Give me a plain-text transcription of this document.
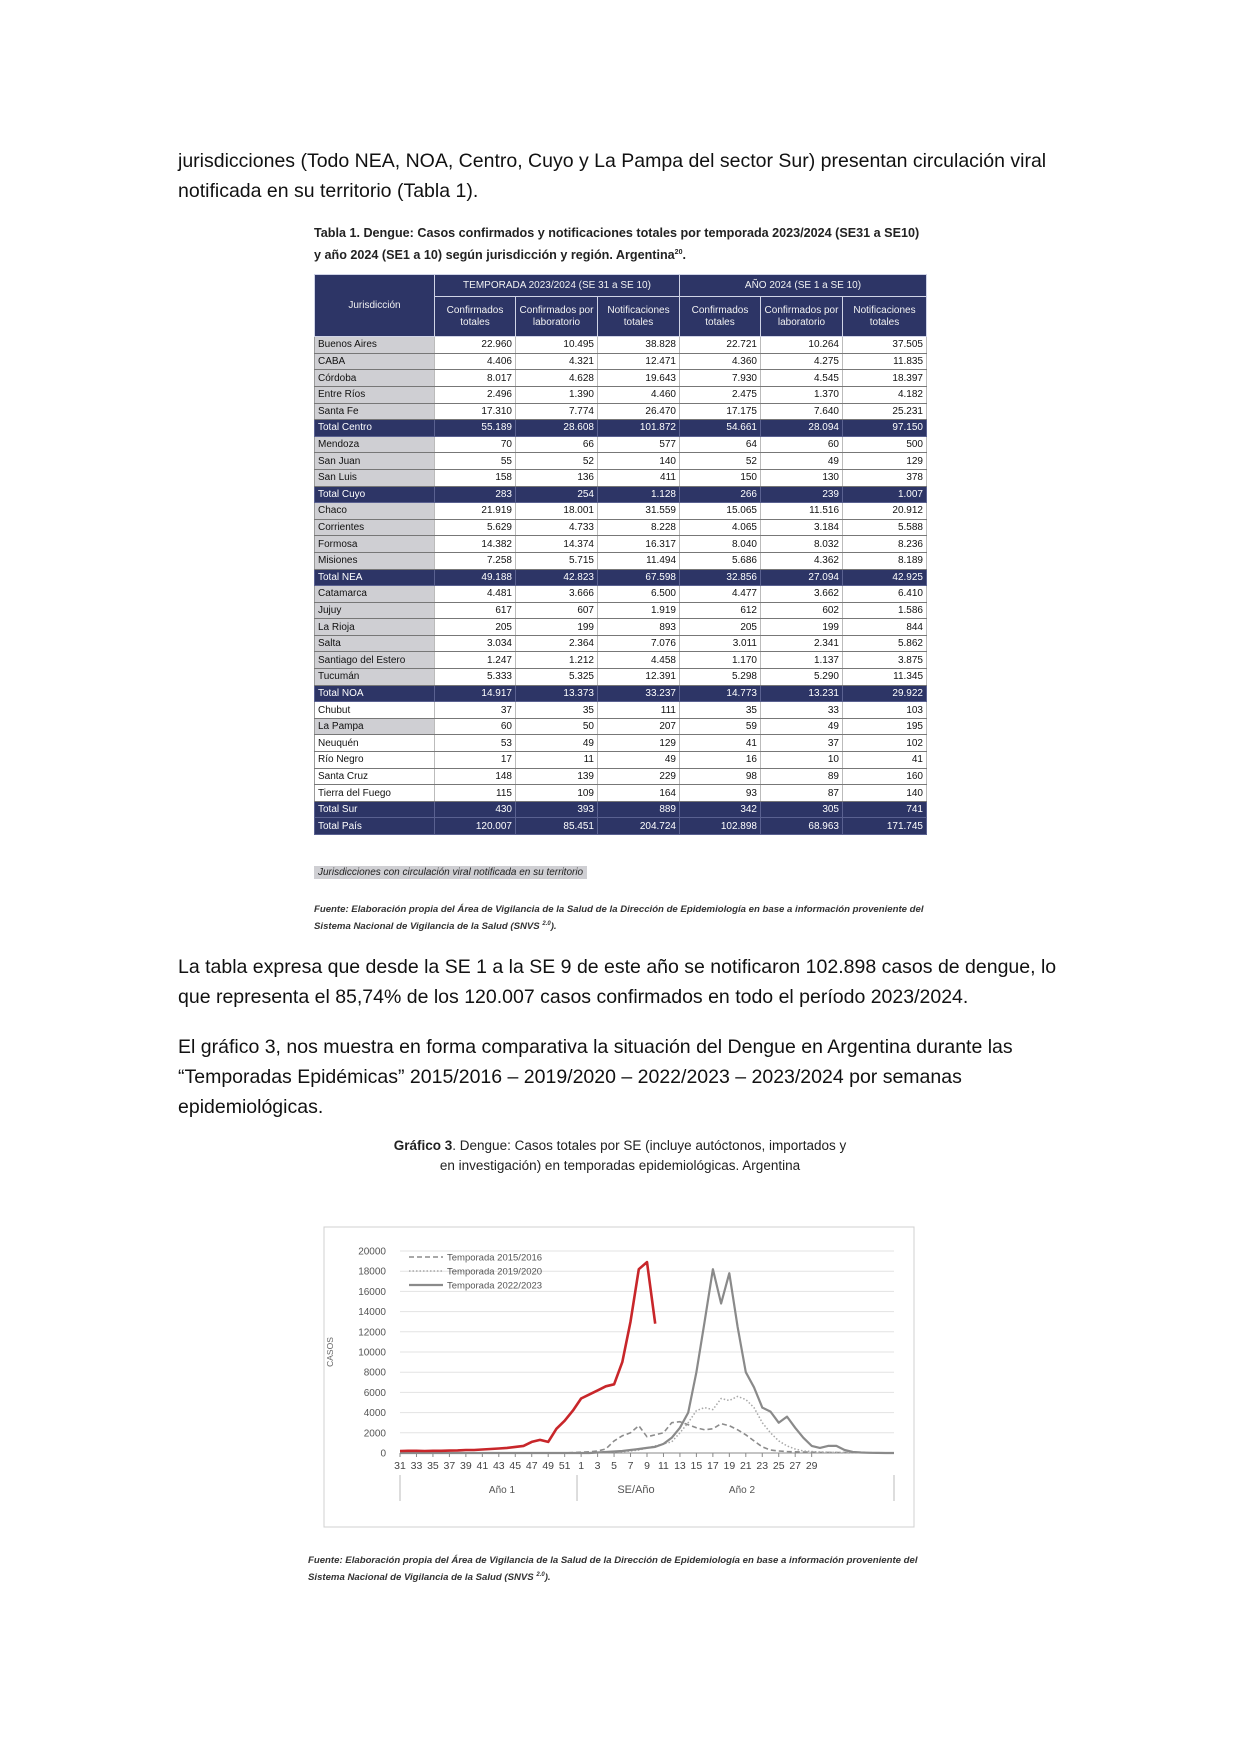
jurisdicciones (Todo NEA, NOA, Centro, Cuyo y La Pampa del sector Sur) presentan circulación viral notificada en su territorio (Tabla 1).

Tabla 1. Dengue: Casos confirmados y notificaciones totales por temporada 2023/2024 (SE31 a SE10) y año 2024 (SE1 a 10) según jurisdicción y región. Argentina$^{20}$.

Jurisdicción	TEMPORADA 2023/2024 (SE 31 a SE 10)			AÑO 2024 (SE 1 a SE 10)		
	Confirmados totales	Confirmados por laboratorio	Notificaciones totales	Confirmados totales	Confirmados por laboratorio	Notificaciones totales
Buenos Aires	22.960	10.495	38.828	22.721	10.264	37.505
CABA	4.406	4.321	12.471	4.360	4.275	11.835
Córdoba	8.017	4.628	19.643	7.930	4.545	18.397
Entre Ríos	2.496	1.390	4.460	2.475	1.370	4.182
Santa Fe	17.310	7.774	26.470	17.175	7.640	25.231
Total Centro	55.189	28.608	101.872	54.661	28.094	97.150
Mendoza	70	66	577	64	60	500
San Juan	55	52	140	52	49	129
San Luis	158	136	411	150	130	378
Total Cuyo	283	254	1.128	266	239	1.007
Chaco	21.919	18.001	31.559	15.065	11.516	20.912
Corrientes	5.629	4.733	8.228	4.065	3.184	5.588
Formosa	14.382	14.374	16.317	8.040	8.032	8.236
Misiones	7.258	5.715	11.494	5.686	4.362	8.189
Total NEA	49.188	42.823	67.598	32.856	27.094	42.925
Catamarca	4.481	3.666	6.500	4.477	3.662	6.410
Jujuy	617	607	1.919	612	602	1.586
La Rioja	205	199	893	205	199	844
Salta	3.034	2.364	7.076	3.011	2.341	5.862
Santiago del Estero	1.247	1.212	4.458	1.170	1.137	3.875
Tucumán	5.333	5.325	12.391	5.298	5.290	11.345
Total NOA	14.917	13.373	33.237	14.773	13.231	29.922
Chubut	37	35	111	35	33	103
La Pampa	60	50	207	59	49	195
Neuquén	53	49	129	41	37	102
Río Negro	17	11	49	16	10	41
Santa Cruz	148	139	229	98	89	160
Tierra del Fuego	115	109	164	93	87	140
Total Sur	430	393	889	342	305	741
Total País	120.007	85.451	204.724	102.898	68.963	171.745
Jurisdicciones con circulación viral notificada en su territorio
Fuente: Elaboración propia del Área de Vigilancia de la Salud de la Dirección de Epidemiología en base a información proveniente del Sistema Nacional de Vigilancia de la Salud (SNVS $^{2.0}$).

La tabla expresa que desde la SE 1 a la SE 9 de este año se notificaron 102.898 casos de dengue, lo que representa el 85,74% de los 120.007 casos confirmados en todo el período 2023/2024.

El gráfico 3, nos muestra en forma comparativa la situación del Dengue en Argentina durante las “Temporadas Epidémicas” 2015/2016 – 2019/2020 – 2022/2023 – 2023/2024 por semanas epidemiológicas.

Gráfico 3. Dengue: Casos totales por SE (incluye autóctonos, importados y
en investigación) en temporadas epidemiológicas. Argentina
20000
18000
16000
14000
12000
10000
8000
6000
4000
2000
0
CASOS
31 33 35 37 39 41 43 45 47 49 51 1 3 5 7 9 11 13 15 17 19 21 23 25 27 29
Año 1	SE/Año	Año 2
Temporada 2015/2016
Temporada 2019/2020
Temporada 2022/2023
Fuente: Elaboración propia del Área de Vigilancia de la Salud de la Dirección de Epidemiología en base a información proveniente del Sistema Nacional de Vigilancia de la Salud (SNVS $^{2.0}$).
